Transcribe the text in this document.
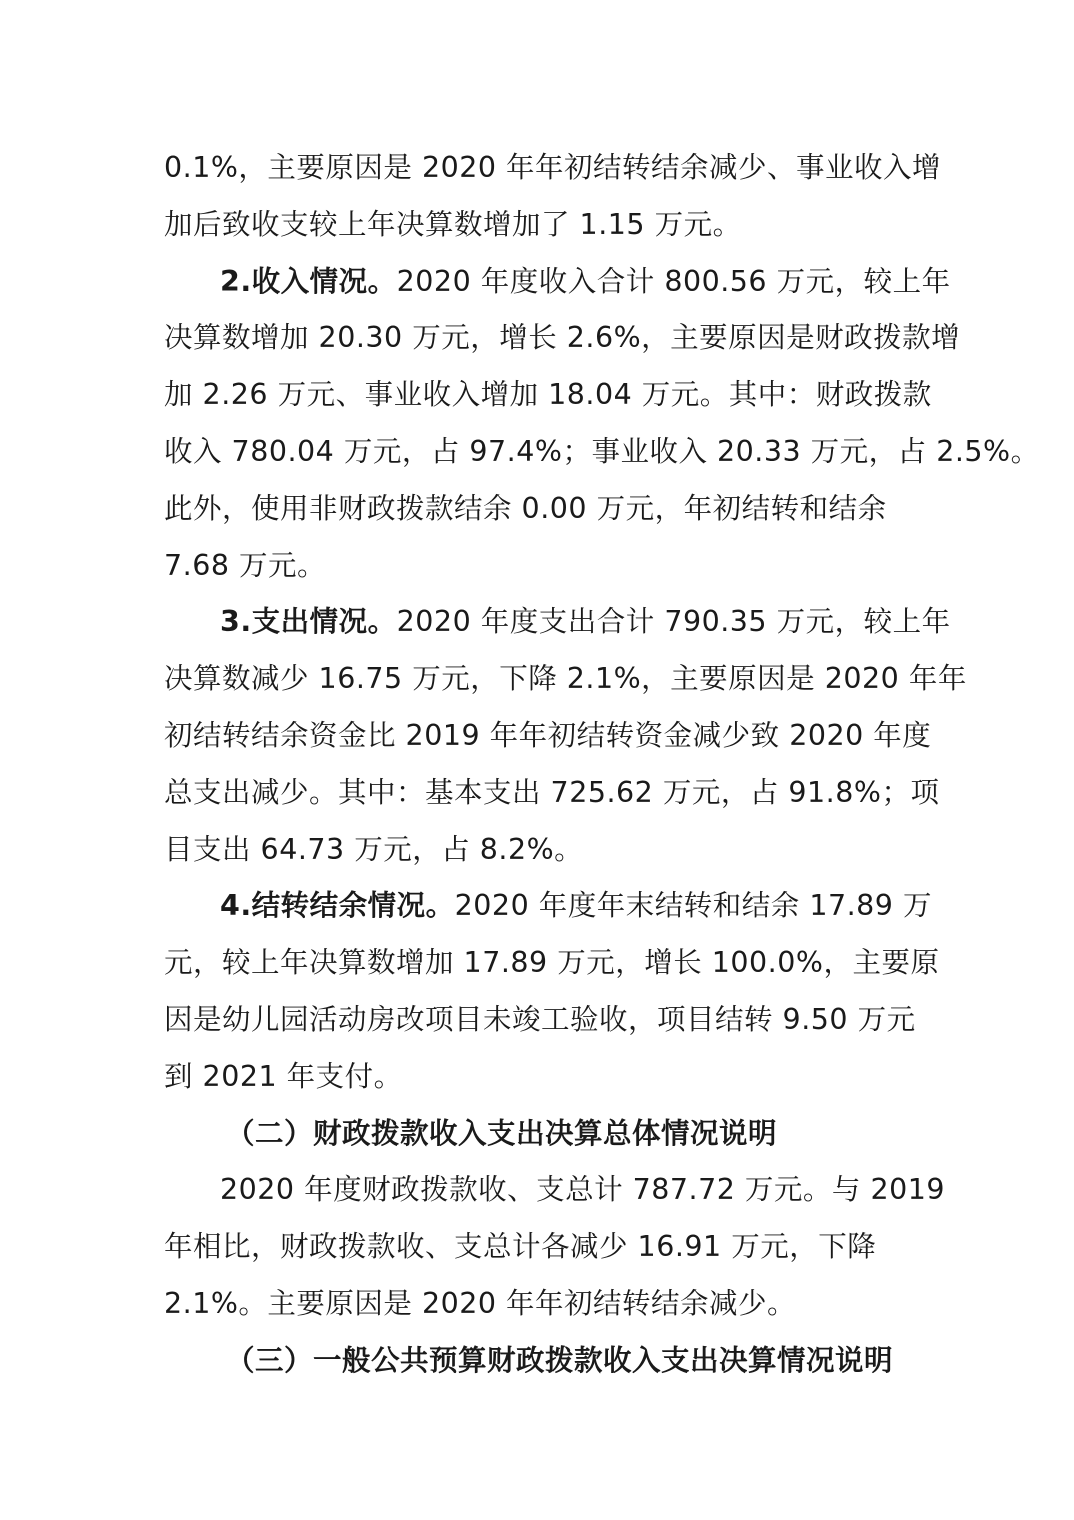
0.1%，主要原因是 2020 年年初结转结余减少、事业收入增
加后致收支较上年决算数增加了 1.15 万元。
2.收入情况。2020 年度收入合计 800.56 万元，较上年
决算数增加 20.30 万元，增长 2.6%，主要原因是财政拨款增
加 2.26 万元、事业收入增加 18.04 万元。其中：财政拨款
收入 780.04 万元，占 97.4%；事业收入 20.33 万元，占 2.5%。
此外，使用非财政拨款结余 0.00 万元，年初结转和结余
7.68 万元。
3.支出情况。2020 年度支出合计 790.35 万元，较上年
决算数减少 16.75 万元，下降 2.1%，主要原因是 2020 年年
初结转结余资金比 2019 年年初结转资金减少致 2020 年度
总支出减少。其中：基本支出 725.62 万元，占 91.8%；项
目支出 64.73 万元，占 8.2%。
4.结转结余情况。2020 年度年末结转和结余 17.89 万
元，较上年决算数增加 17.89 万元，增长 100.0%，主要原
因是幼儿园活动房改项目未竣工验收，项目结转 9.50 万元
到 2021 年支付。
（二）财政拨款收入支出决算总体情况说明
2020 年度财政拨款收、支总计 787.72 万元。与 2019
年相比，财政拨款收、支总计各减少 16.91 万元，下降
2.1%。主要原因是 2020 年年初结转结余减少。
（三）一般公共预算财政拨款收入支出决算情况说明
